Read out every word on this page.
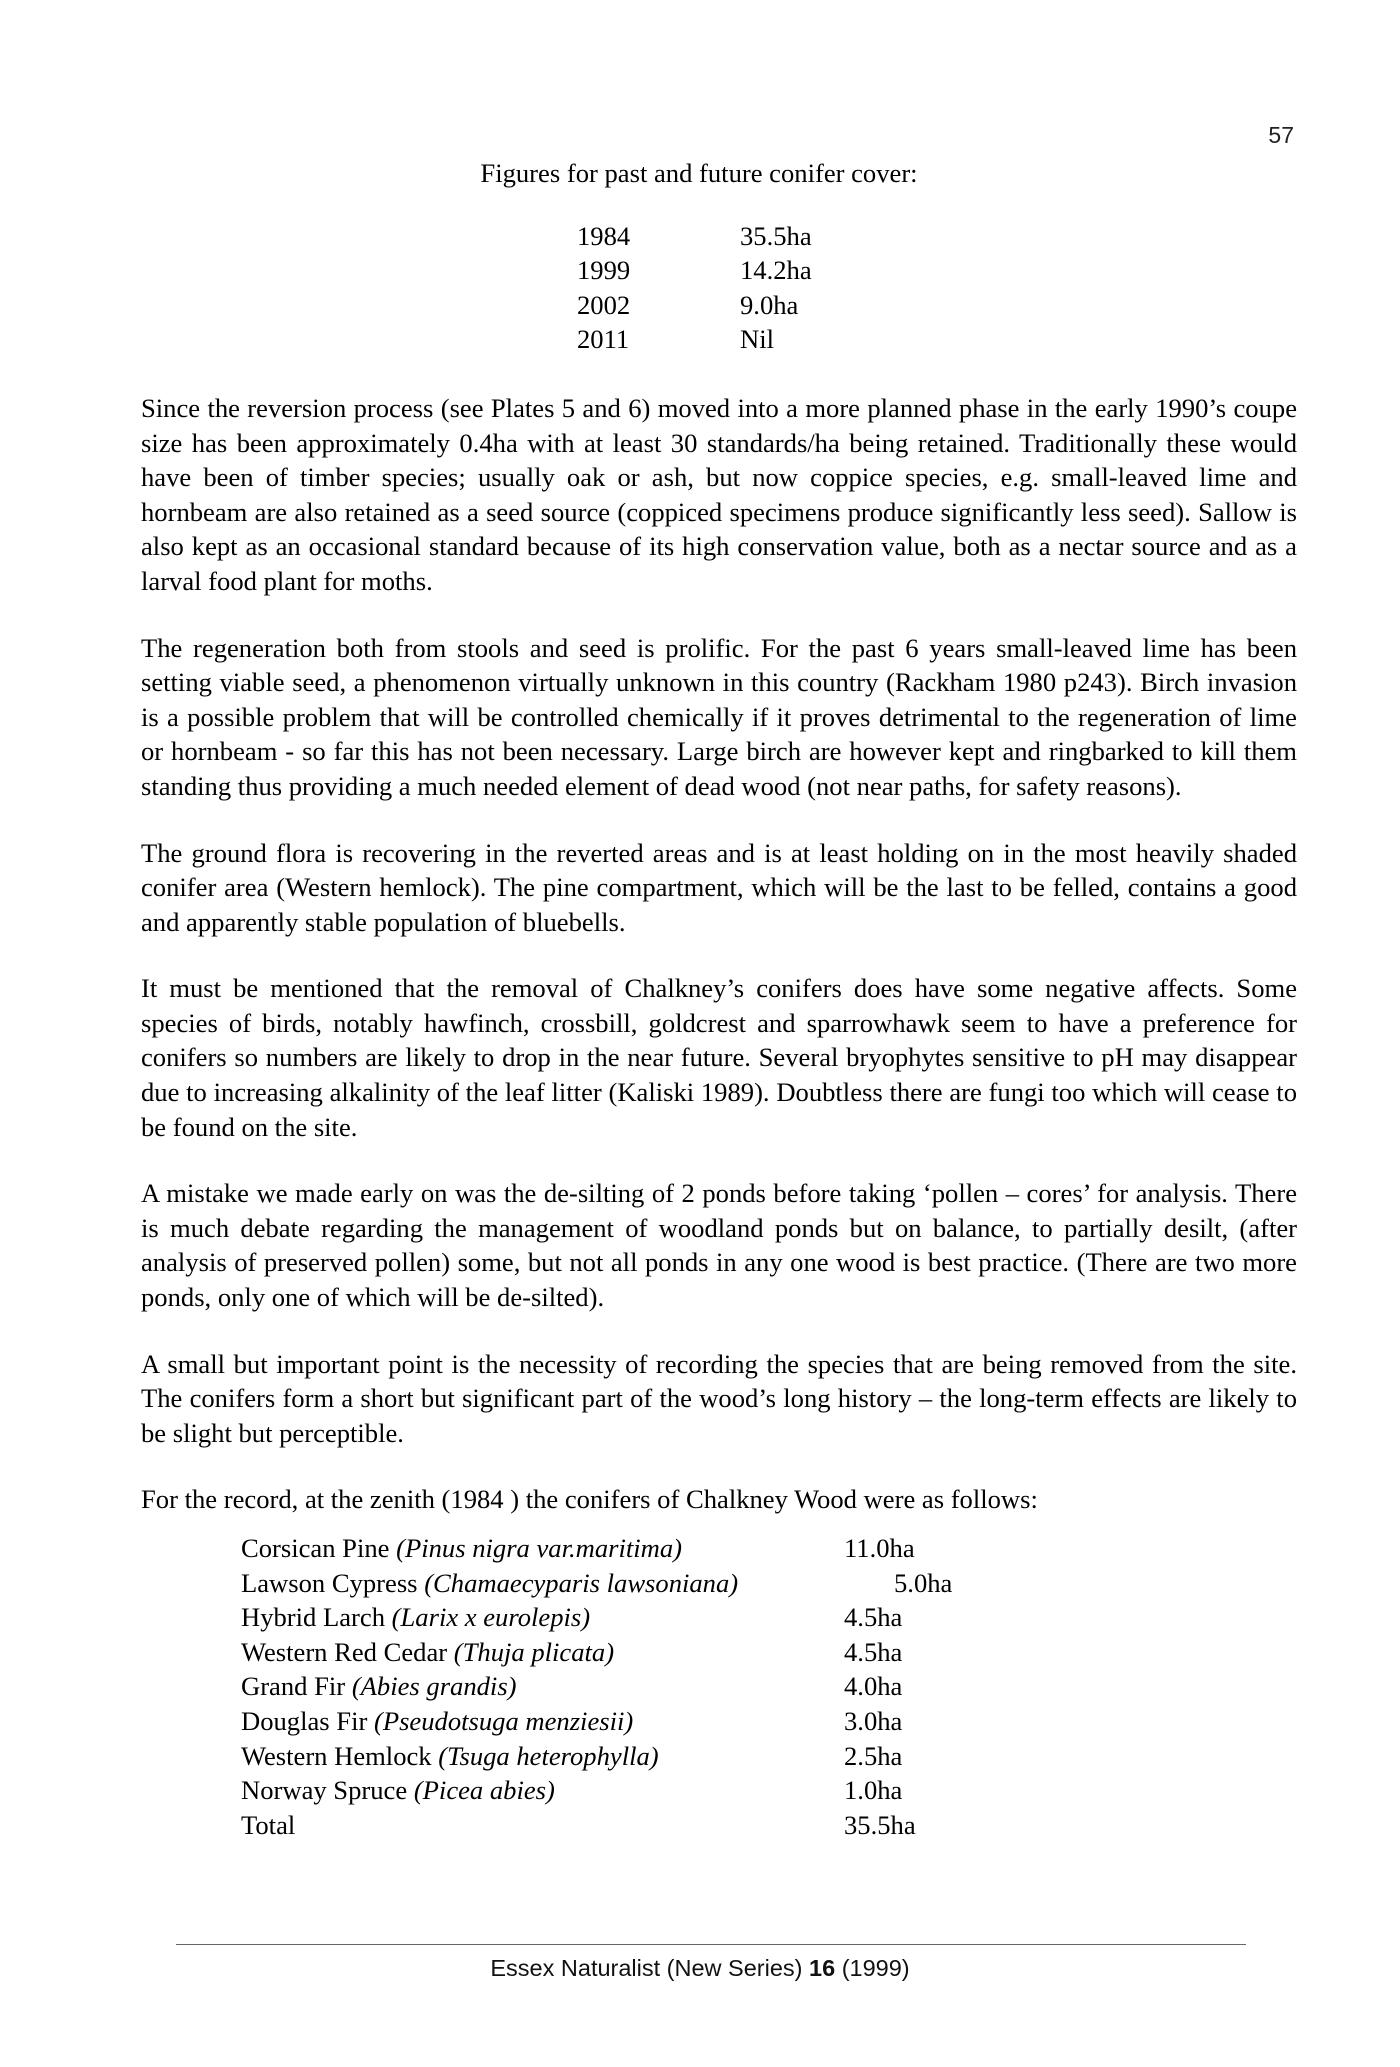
57
Figures for past and future conifer cover:
1984	35.5ha
1999	14.2ha
2002	9.0ha
2011	Nil

Since the reversion process (see Plates 5 and 6) moved into a more planned phase in the early 1990’s coupe size has been approximately 0.4ha with at least 30 standards/ha being retained. Traditionally these would have been of timber species; usually oak or ash, but now coppice species, e.g. small-leaved lime and hornbeam are also retained as a seed source (coppiced specimens produce significantly less seed). Sallow is also kept as an occasional standard because of its high conservation value, both as a nectar source and as a larval food plant for moths.

The regeneration both from stools and seed is prolific. For the past 6 years small-leaved lime has been setting viable seed, a phenomenon virtually unknown in this country (Rackham 1980 p243). Birch invasion is a possible problem that will be controlled chemically if it proves detrimental to the regeneration of lime or hornbeam - so far this has not been necessary. Large birch are however kept and ringbarked to kill them standing thus providing a much needed element of dead wood (not near paths, for safety reasons).

The ground flora is recovering in the reverted areas and is at least holding on in the most heavily shaded conifer area (Western hemlock). The pine compartment, which will be the last to be felled, contains a good and apparently stable population of bluebells.

It must be mentioned that the removal of Chalkney’s conifers does have some negative affects. Some species of birds, notably hawfinch, crossbill, goldcrest and sparrowhawk seem to have a preference for conifers so numbers are likely to drop in the near future. Several bryophytes sensitive to pH may disappear due to increasing alkalinity of the leaf litter (Kaliski 1989). Doubtless there are fungi too which will cease to be found on the site.

A mistake we made early on was the de-silting of 2 ponds before taking ‘pollen – cores’ for analysis. There is much debate regarding the management of woodland ponds but on balance, to partially desilt, (after analysis of preserved pollen) some, but not all ponds in any one wood is best practice. (There are two more ponds, only one of which will be de-silted).

A small but important point is the necessity of recording the species that are being removed from the site. The conifers form a short but significant part of the wood’s long history – the long-term effects are likely to be slight but perceptible.

For the record, at the zenith (1984 ) the conifers of Chalkney Wood were as follows:

Corsican Pine (Pinus nigra var.maritima)	11.0ha
Lawson Cypress (Chamaecyparis lawsoniana)	5.0ha
Hybrid Larch (Larix x eurolepis)	4.5ha
Western Red Cedar (Thuja plicata)	4.5ha
Grand Fir (Abies grandis)	4.0ha
Douglas Fir (Pseudotsuga menziesii)	3.0ha
Western Hemlock (Tsuga heterophylla)	2.5ha
Norway Spruce (Picea abies)	1.0ha
Total	35.5ha
Essex Naturalist (New Series) 16 (1999)
